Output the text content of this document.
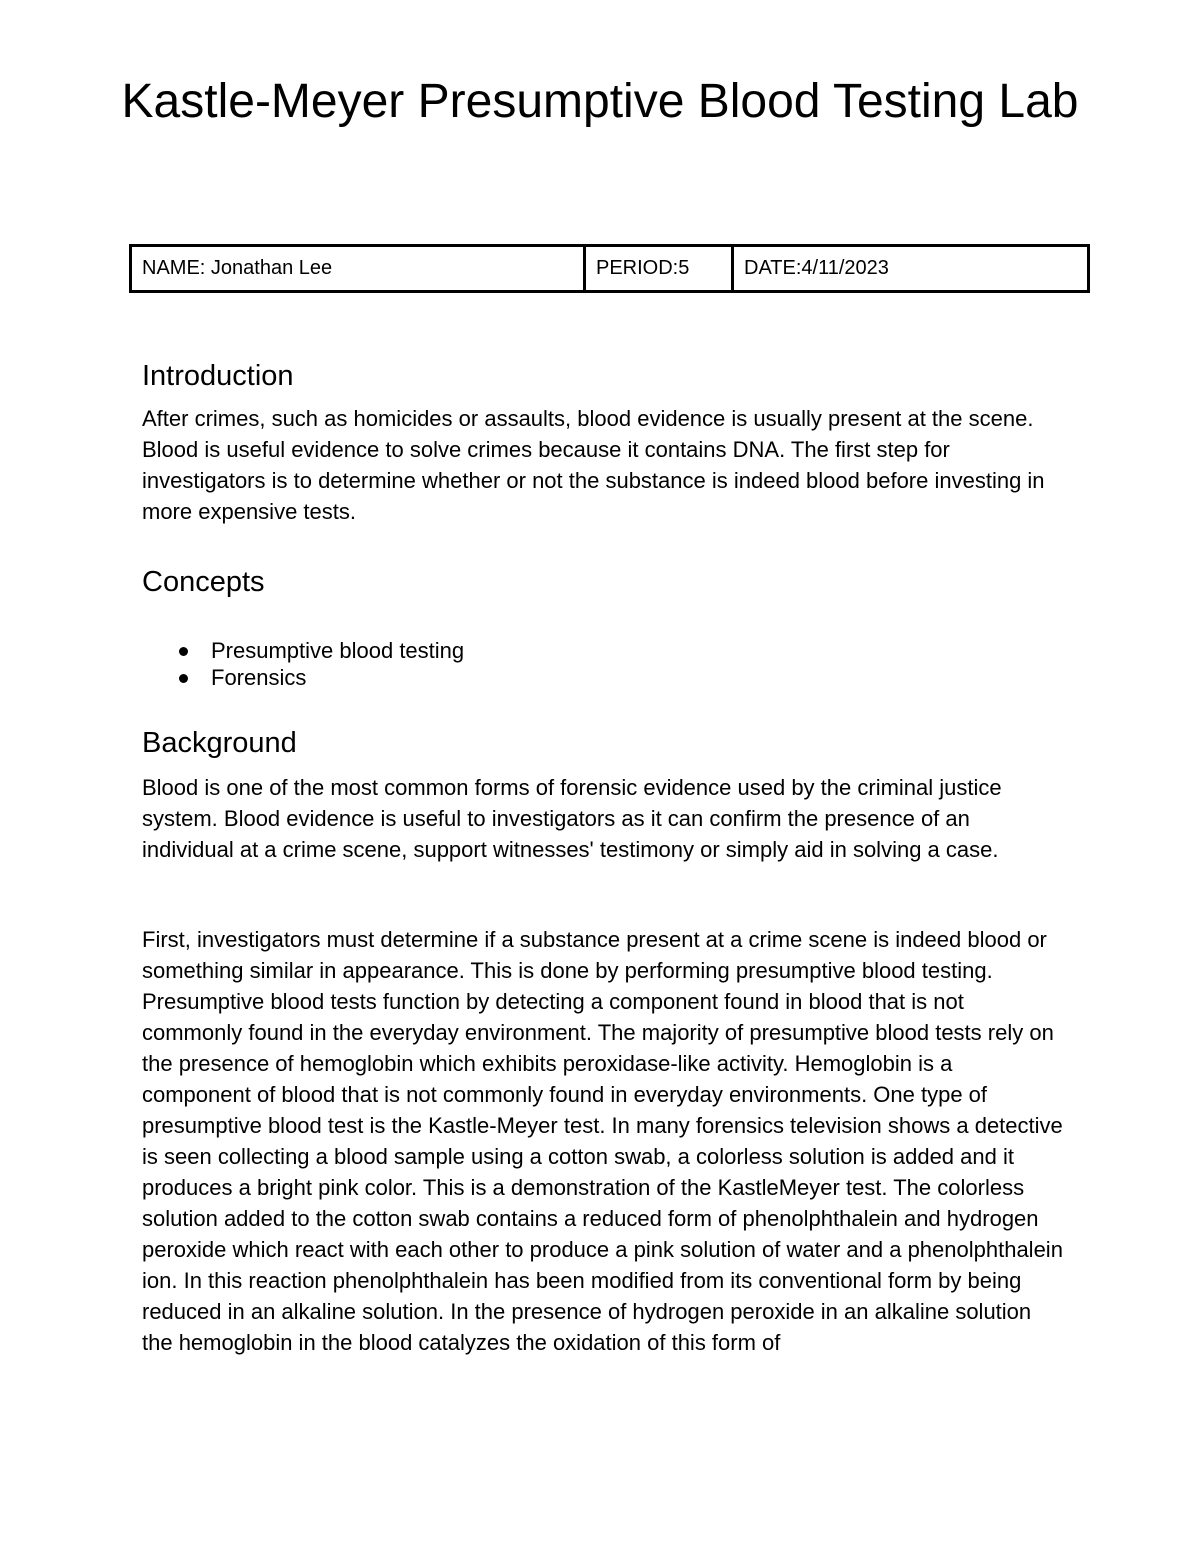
Kastle-Meyer Presumptive Blood Testing Lab
NAME: Jonathan Lee	PERIOD:5	DATE:4/11/2023
Introduction

After crimes, such as homicides or assaults, blood evidence is usually present at the scene. Blood is useful evidence to solve crimes because it contains DNA. The first step for investigators is to determine whether or not the substance is indeed blood before investing in more expensive tests.

Concepts
Presumptive blood testing
Forensics
Background

Blood is one of the most common forms of forensic evidence used by the criminal justice system. Blood evidence is useful to investigators as it can confirm the presence of an individual at a crime scene, support witnesses' testimony or simply aid in solving a case.

First, investigators must determine if a substance present at a crime scene is indeed blood or something similar in appearance. This is done by performing presumptive blood testing. Presumptive blood tests function by detecting a component found in blood that is not commonly found in the everyday environment. The majority of presumptive blood tests rely on the presence of hemoglobin which exhibits peroxidase-like activity. Hemoglobin is a component of blood that is not commonly found in everyday environments. One type of presumptive blood test is the Kastle-Meyer test. In many forensics television shows a detective is seen collecting a blood sample using a cotton swab, a colorless solution is added and it produces a bright pink color. This is a demonstration of the KastleMeyer test. The colorless solution added to the cotton swab contains a reduced form of phenolphthalein and hydrogen peroxide which react with each other to produce a pink solution of water and a phenolphthalein ion. In this reaction phenolphthalein has been modified from its conventional form by being reduced in an alkaline solution. In the presence of hydrogen peroxide in an alkaline solution the hemoglobin in the blood catalyzes the oxidation of this form of
